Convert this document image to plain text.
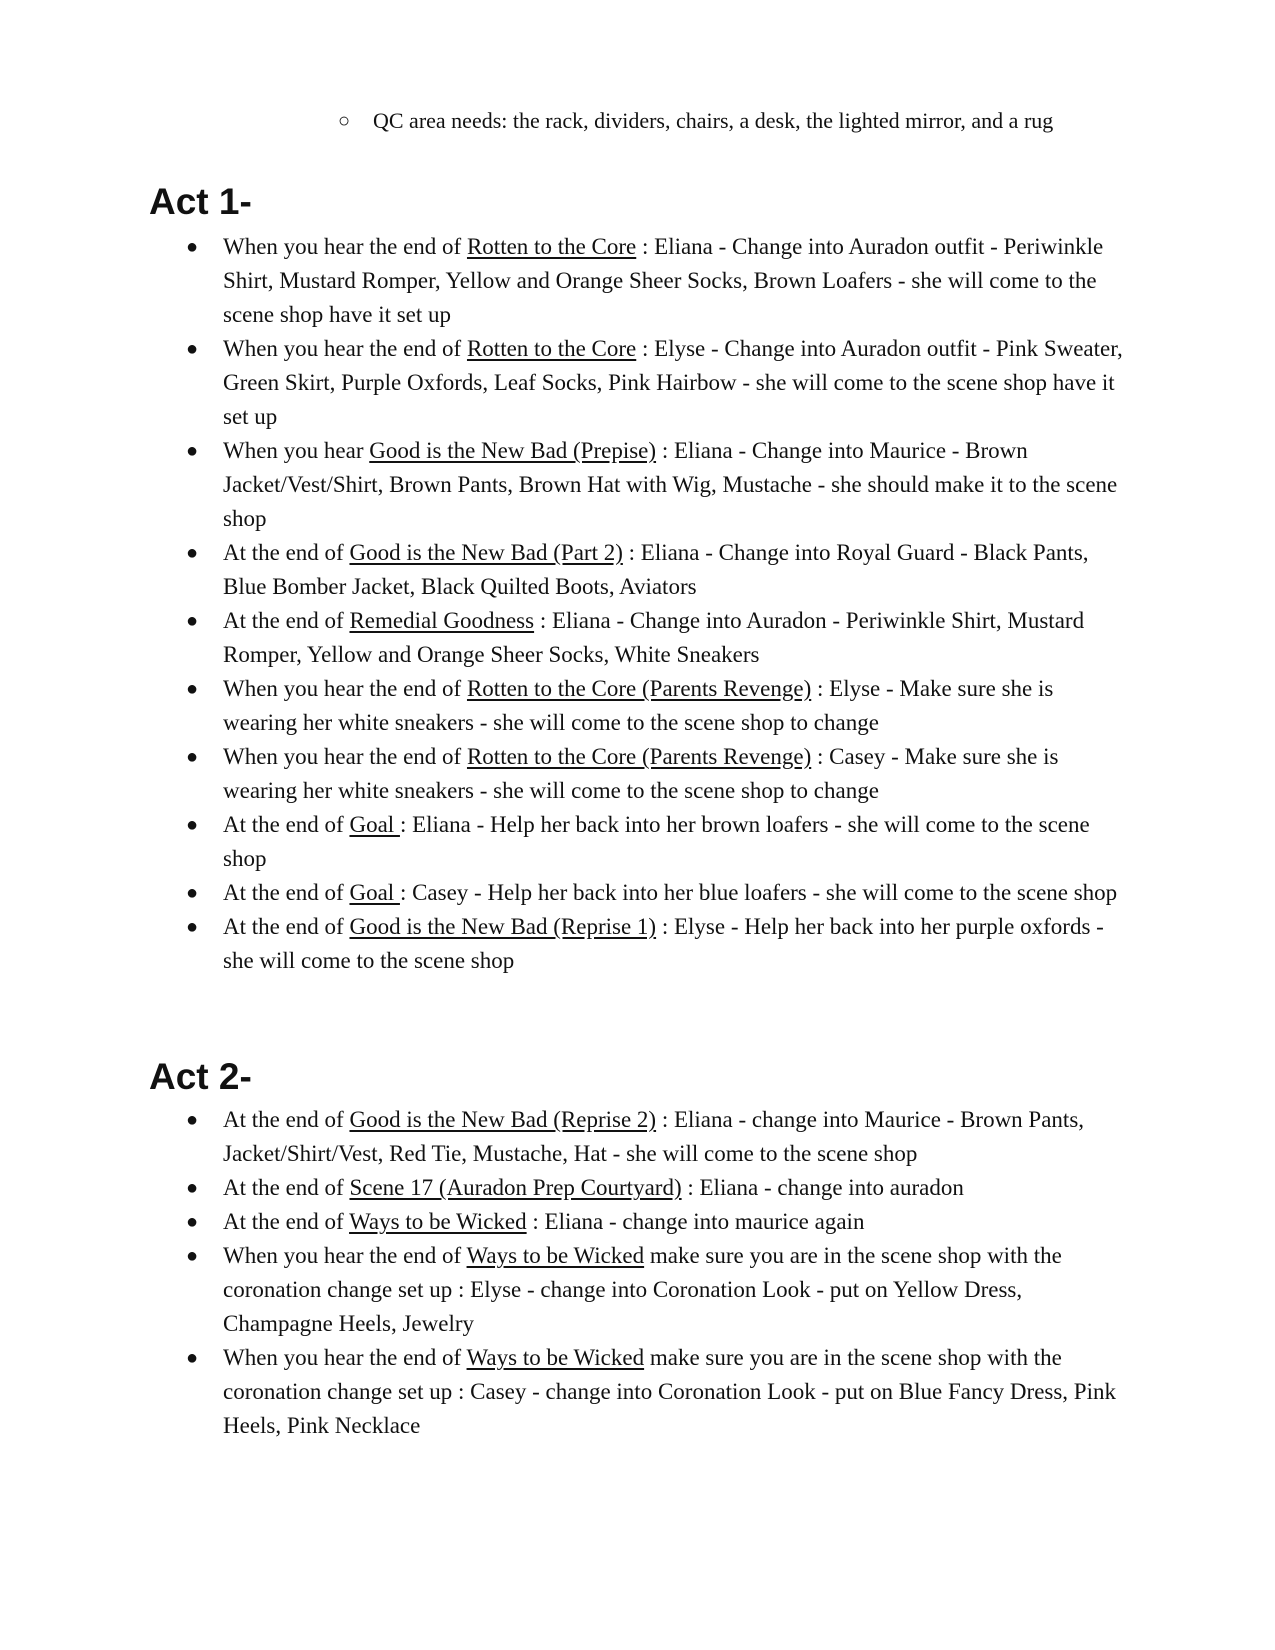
○ QC area needs: the rack, dividers, chairs, a desk, the lighted mirror, and a rug
Act 1-
● When you hear the end of Rotten to the Core : Eliana - Change into Auradon outfit - Periwinkle Shirt, Mustard Romper, Yellow and Orange Sheer Socks, Brown Loafers - she will come to the scene shop have it set up
● When you hear the end of Rotten to the Core : Elyse - Change into Auradon outfit - Pink Sweater, Green Skirt, Purple Oxfords, Leaf Socks, Pink Hairbow - she will come to the scene shop have it set up
● When you hear Good is the New Bad (Prepise) : Eliana - Change into Maurice - Brown Jacket/Vest/Shirt, Brown Pants, Brown Hat with Wig, Mustache - she should make it to the scene shop
● At the end of Good is the New Bad (Part 2) : Eliana - Change into Royal Guard - Black Pants, Blue Bomber Jacket, Black Quilted Boots, Aviators
● At the end of Remedial Goodness : Eliana - Change into Auradon - Periwinkle Shirt, Mustard Romper, Yellow and Orange Sheer Socks, White Sneakers
● When you hear the end of Rotten to the Core (Parents Revenge) : Elyse - Make sure she is wearing her white sneakers - she will come to the scene shop to change
● When you hear the end of Rotten to the Core (Parents Revenge) : Casey - Make sure she is wearing her white sneakers - she will come to the scene shop to change
● At the end of Goal : Eliana - Help her back into her brown loafers - she will come to the scene shop
● At the end of Goal : Casey - Help her back into her blue loafers - she will come to the scene shop
● At the end of Good is the New Bad (Reprise 1) : Elyse - Help her back into her purple oxfords - she will come to the scene shop
Act 2-
● At the end of Good is the New Bad (Reprise 2) : Eliana - change into Maurice - Brown Pants, Jacket/Shirt/Vest, Red Tie, Mustache, Hat - she will come to the scene shop
● At the end of Scene 17 (Auradon Prep Courtyard) : Eliana - change into auradon
● At the end of Ways to be Wicked : Eliana - change into maurice again
● When you hear the end of Ways to be Wicked make sure you are in the scene shop with the coronation change set up : Elyse - change into Coronation Look - put on Yellow Dress, Champagne Heels, Jewelry
● When you hear the end of Ways to be Wicked make sure you are in the scene shop with the coronation change set up : Casey - change into Coronation Look - put on Blue Fancy Dress, Pink Heels, Pink Necklace
